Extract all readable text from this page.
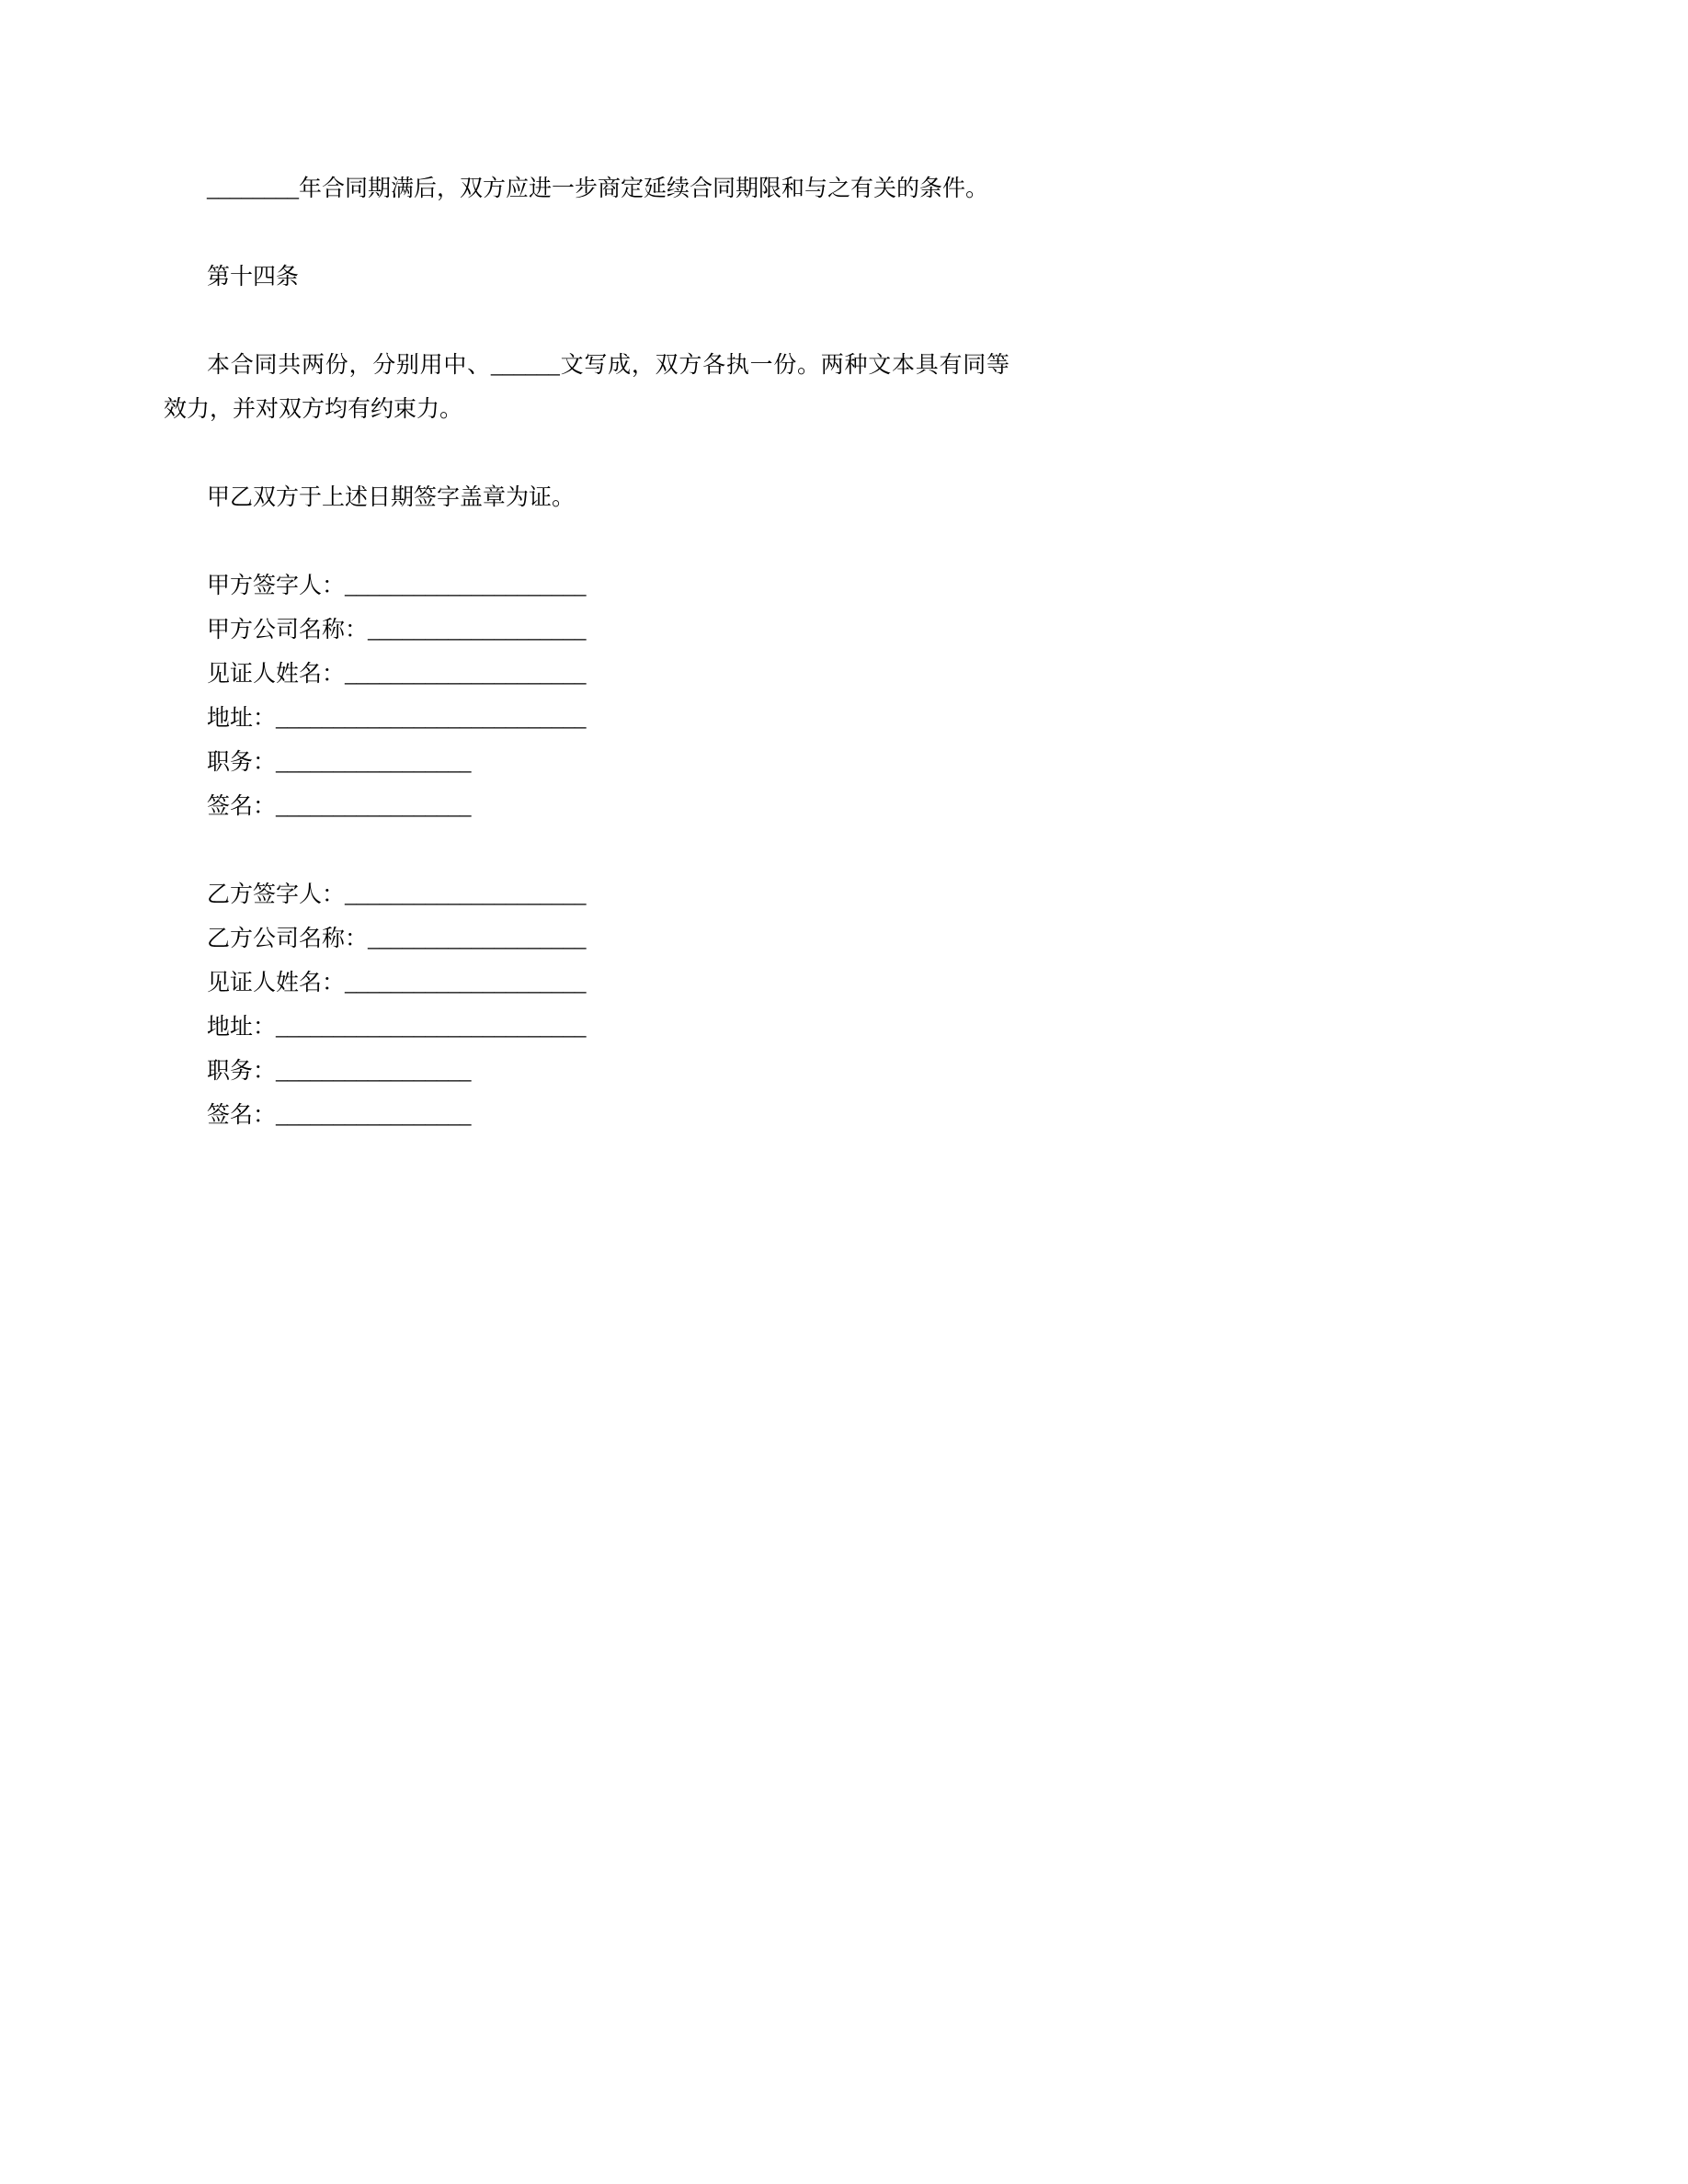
________年合同期满后，双方应进一步商定延续合同期限和与之有关的条件。

第十四条

本合同共两份，分别用中、______文写成，双方各执一份。两种文本具有同等效力，并对双方均有约束力。

甲乙双方于上述日期签字盖章为证。

甲方签字人：_____________________

甲方公司名称：___________________

见证人姓名：_____________________

地址：___________________________

职务：_________________

签名：_________________

乙方签字人：_____________________

乙方公司名称：___________________

见证人姓名：_____________________

地址：___________________________

职务：_________________

签名：_________________
